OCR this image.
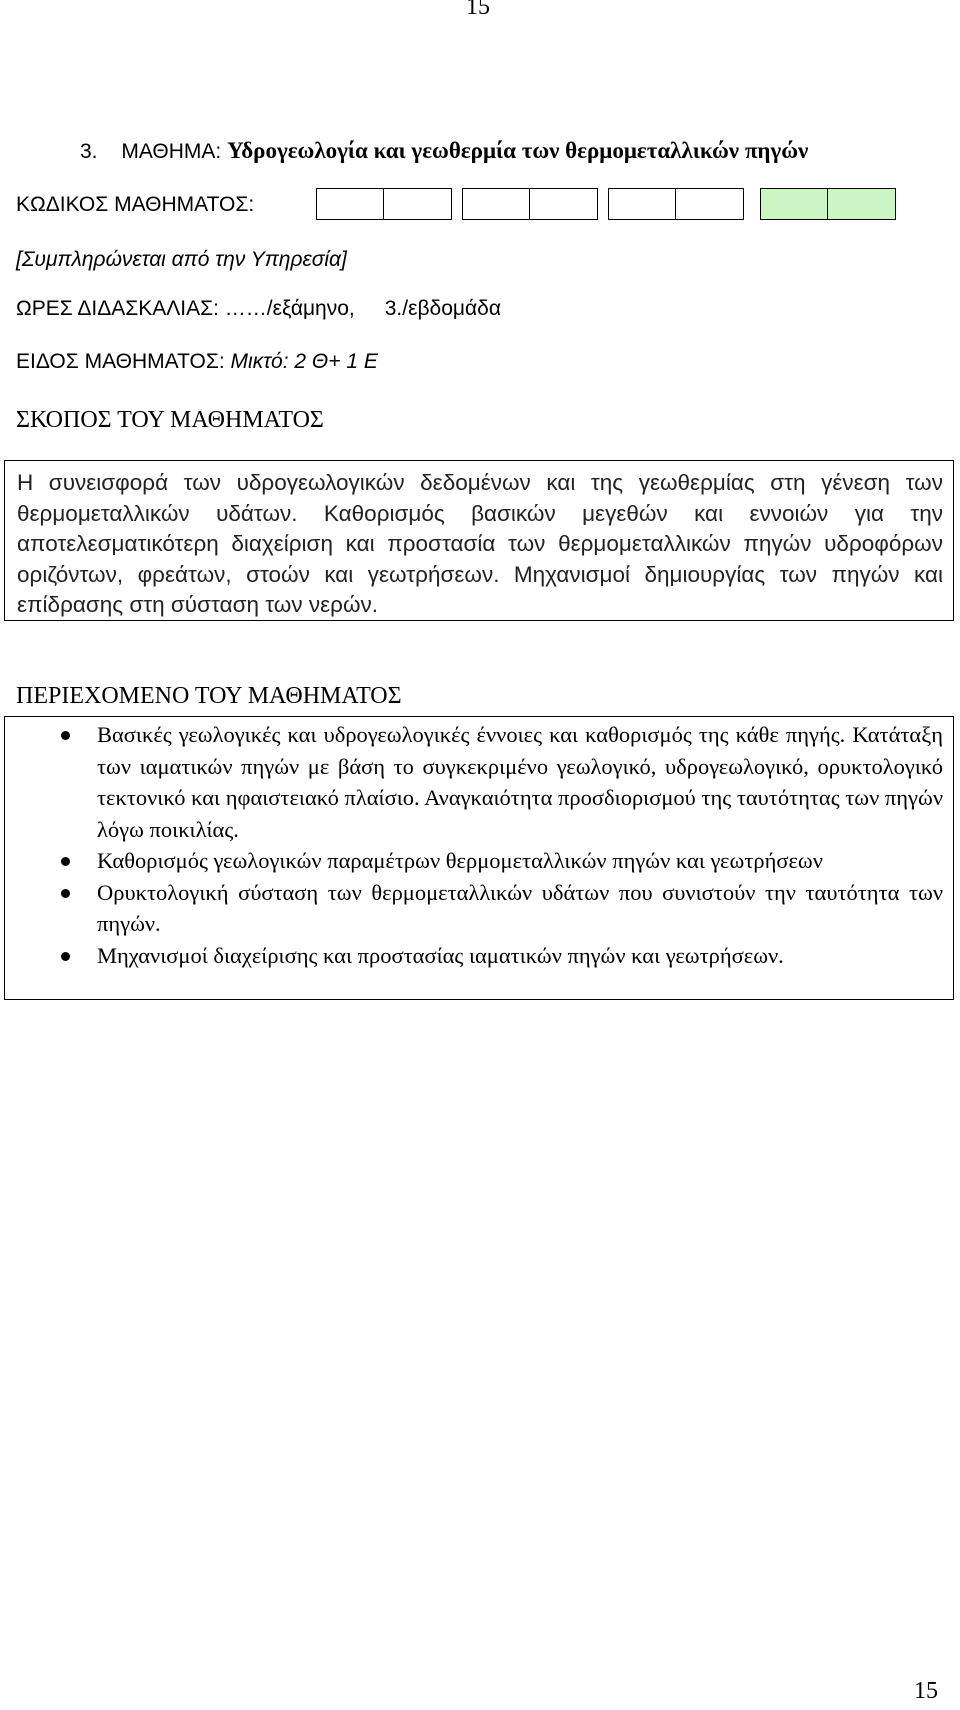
15
3. ΜΑΘΗΜΑ: Υδρογεωλογία και γεωθερμία των θερμομεταλλικών πηγών
ΚΩΔΙΚΟΣ ΜΑΘΗΜΑΤΟΣ:
[Συμπληρώνεται από την Υπηρεσία]
ΩΡΕΣ ΔΙΔΑΣΚΑΛΙΑΣ: ……/εξάμηνο, 3./εβδομάδα
ΕΙΔΟΣ ΜΑΘΗΜΑΤΟΣ: Μικτό: 2 Θ+ 1 Ε
ΣΚΟΠΟΣ ΤΟΥ ΜΑΘΗΜΑΤΟΣ
Η συνεισφορά των υδρογεωλογικών δεδομένων και της γεωθερμίας στη γένεση των θερμομεταλλικών υδάτων. Καθορισμός βασικών μεγεθών και εννοιών για την αποτελεσματικότερη διαχείριση και προστασία των θερμομεταλλικών πηγών υδροφόρων οριζόντων, φρεάτων, στοών και γεωτρήσεων. Μηχανισμοί δημιουργίας των πηγών και επίδρασης στη σύσταση των νερών.
ΠΕΡΙΕΧΟΜΕΝΟ ΤΟΥ ΜΑΘΗΜΑΤΟΣ
Βασικές γεωλογικές και υδρογεωλογικές έννοιες και καθορισμός της κάθε πηγής. Κατάταξη των ιαματικών πηγών με βάση το συγκεκριμένο γεωλογικό, υδρογεωλογικό, ορυκτολογικό τεκτονικό και ηφαιστειακό πλαίσιο. Αναγκαιότητα προσδιορισμού της ταυτότητας των πηγών λόγω ποικιλίας.
Καθορισμός γεωλογικών παραμέτρων θερμομεταλλικών πηγών και γεωτρήσεων
Ορυκτολογική σύσταση των θερμομεταλλικών υδάτων που συνιστούν την ταυτότητα των πηγών.
Μηχανισμοί διαχείρισης και προστασίας ιαματικών πηγών και γεωτρήσεων.
15
